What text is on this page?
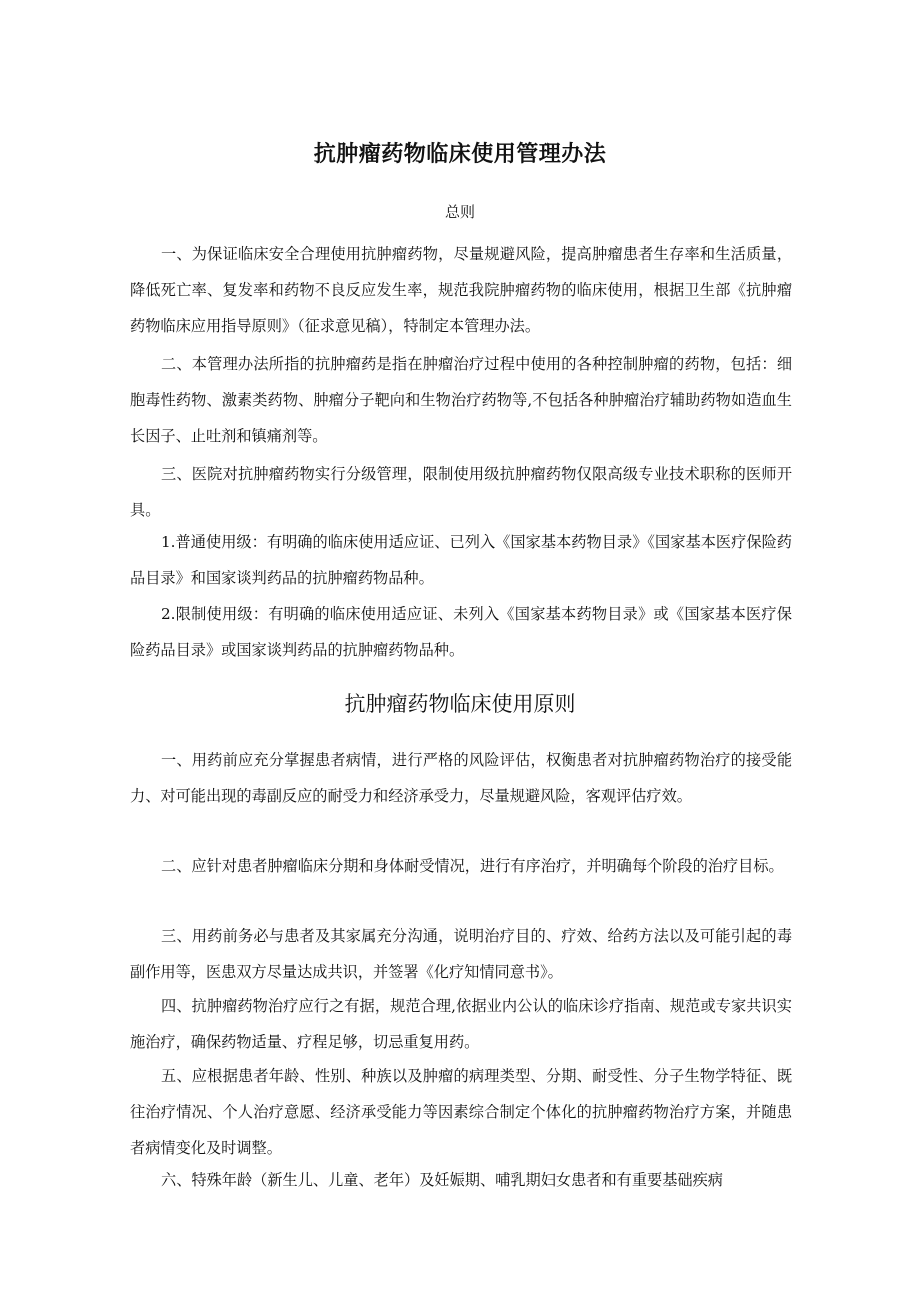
抗肿瘤药物临床使用管理办法
总则

一、为保证临床安全合理使用抗肿瘤药物，尽量规避风险，提高肿瘤患者生存率和生活质量，降低死亡率、复发率和药物不良反应发生率，规范我院肿瘤药物的临床使用，根据卫生部《抗肿瘤药物临床应用指导原则》（征求意见稿），特制定本管理办法。

二、本管理办法所指的抗肿瘤药是指在肿瘤治疗过程中使用的各种控制肿瘤的药物，包括：细胞毒性药物、激素类药物、肿瘤分子靶向和生物治疗药物等,不包括各种肿瘤治疗辅助药物如造血生长因子、止吐剂和镇痛剂等。

三、医院对抗肿瘤药物实行分级管理，限制使用级抗肿瘤药物仅限高级专业技术职称的医师开具。

1.普通使用级：有明确的临床使用适应证、已列入《国家基本药物目录》《国家基本医疗保险药品目录》和国家谈判药品的抗肿瘤药物品种。

2.限制使用级：有明确的临床使用适应证、未列入《国家基本药物目录》或《国家基本医疗保险药品目录》或国家谈判药品的抗肿瘤药物品种。

抗肿瘤药物临床使用原则

一、用药前应充分掌握患者病情，进行严格的风险评估，权衡患者对抗肿瘤药物治疗的接受能力、对可能出现的毒副反应的耐受力和经济承受力，尽量规避风险，客观评估疗效。

二、应针对患者肿瘤临床分期和身体耐受情况，进行有序治疗，并明确每个阶段的治疗目标。

三、用药前务必与患者及其家属充分沟通，说明治疗目的、疗效、给药方法以及可能引起的毒副作用等，医患双方尽量达成共识，并签署《化疗知情同意书》。

四、抗肿瘤药物治疗应行之有据，规范合理,依据业内公认的临床诊疗指南、规范或专家共识实施治疗，确保药物适量、疗程足够，切忌重复用药。

五、应根据患者年龄、性别、种族以及肿瘤的病理类型、分期、耐受性、分子生物学特征、既往治疗情况、个人治疗意愿、经济承受能力等因素综合制定个体化的抗肿瘤药物治疗方案，并随患者病情变化及时调整。

六、特殊年龄（新生儿、儿童、老年）及妊娠期、哺乳期妇女患者和有重要基础疾病
